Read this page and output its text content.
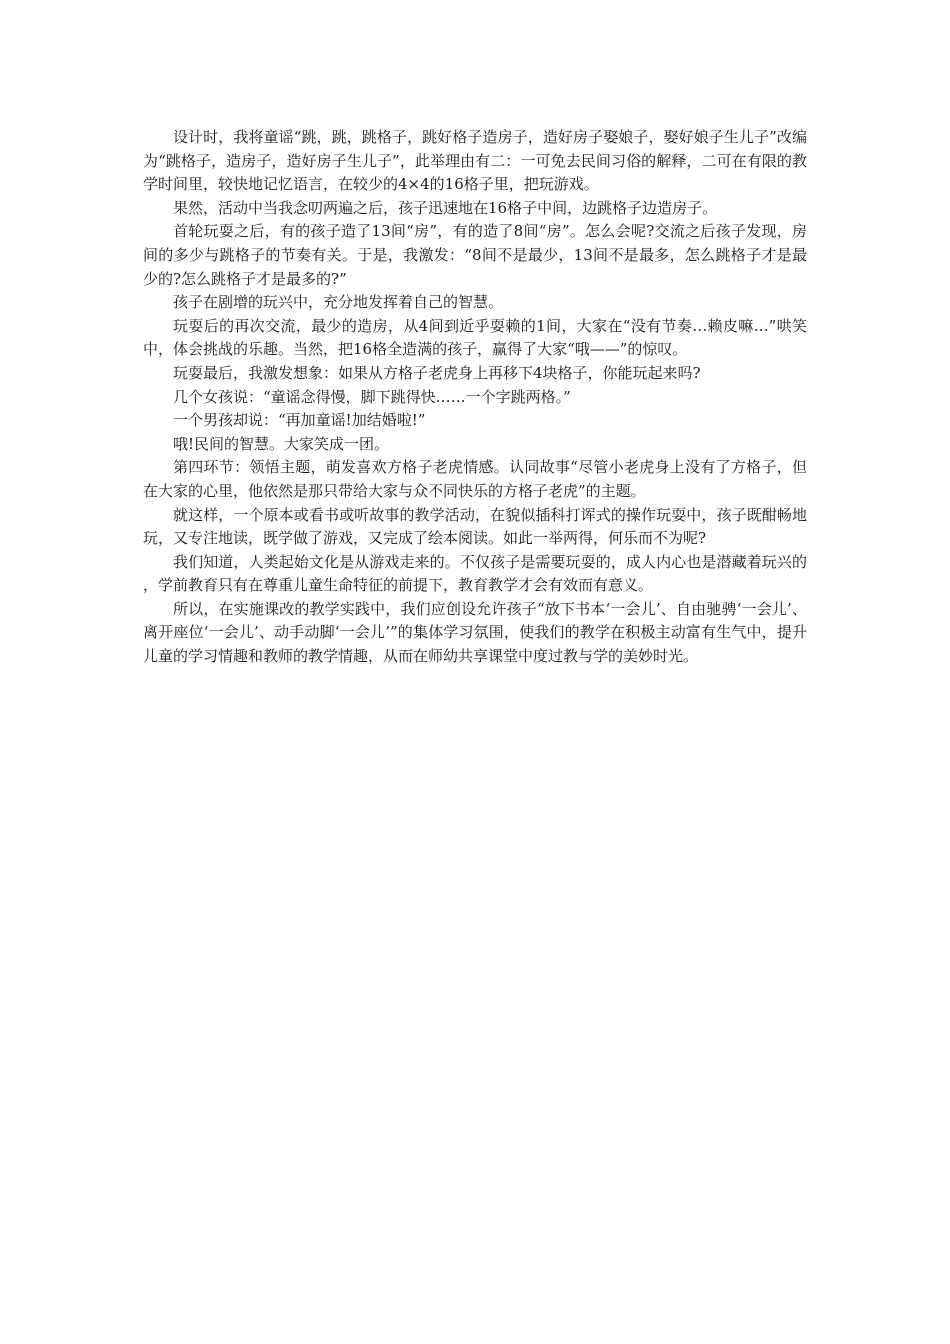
设计时，我将童谣“跳，跳，跳格子，跳好格子造房子，造好房子娶娘子，娶好娘子生儿子”改编为“跳格子，造房子，造好房子生儿子”，此举理由有二：一可免去民间习俗的解释，二可在有限的教学时间里，较快地记忆语言，在较少的4×4的16格子里，把玩游戏。

果然，活动中当我念叨两遍之后，孩子迅速地在16格子中间，边跳格子边造房子。

首轮玩耍之后，有的孩子造了13间“房”，有的造了8间“房”。怎么会呢?交流之后孩子发现，房间的多少与跳格子的节奏有关。于是，我激发：“8间不是最少，13间不是最多，怎么跳格子才是最少的?怎么跳格子才是最多的?”

孩子在剧增的玩兴中，充分地发挥着自己的智慧。

玩耍后的再次交流，最少的造房，从4间到近乎耍赖的1间，大家在“没有节奏…赖皮嘛…”哄笑中，体会挑战的乐趣。当然，把16格全造满的孩子，赢得了大家“哦——”的惊叹。

玩耍最后，我激发想象：如果从方格子老虎身上再移下4块格子，你能玩起来吗?

几个女孩说：“童谣念得慢，脚下跳得快……一个字跳两格。”

一个男孩却说：“再加童谣!加结婚啦!”

哦!民间的智慧。大家笑成一团。

第四环节：领悟主题，萌发喜欢方格子老虎情感。认同故事“尽管小老虎身上没有了方格子，但在大家的心里，他依然是那只带给大家与众不同快乐的方格子老虎”的主题。

就这样，一个原本或看书或听故事的教学活动，在貌似插科打诨式的操作玩耍中，孩子既酣畅地玩，又专注地读，既学做了游戏，又完成了绘本阅读。如此一举两得，何乐而不为呢?

我们知道，人类起始文化是从游戏走来的。不仅孩子是需要玩耍的，成人内心也是潜藏着玩兴的，学前教育只有在尊重儿童生命特征的前提下，教育教学才会有效而有意义。

所以，在实施课改的教学实践中，我们应创设允许孩子“放下书本‘一会儿’、自由驰骋‘一会儿’、离开座位‘一会儿’、动手动脚‘一会儿’”的集体学习氛围，使我们的教学在积极主动富有生气中，提升儿童的学习情趣和教师的教学情趣，从而在师幼共享课堂中度过教与学的美妙时光。
